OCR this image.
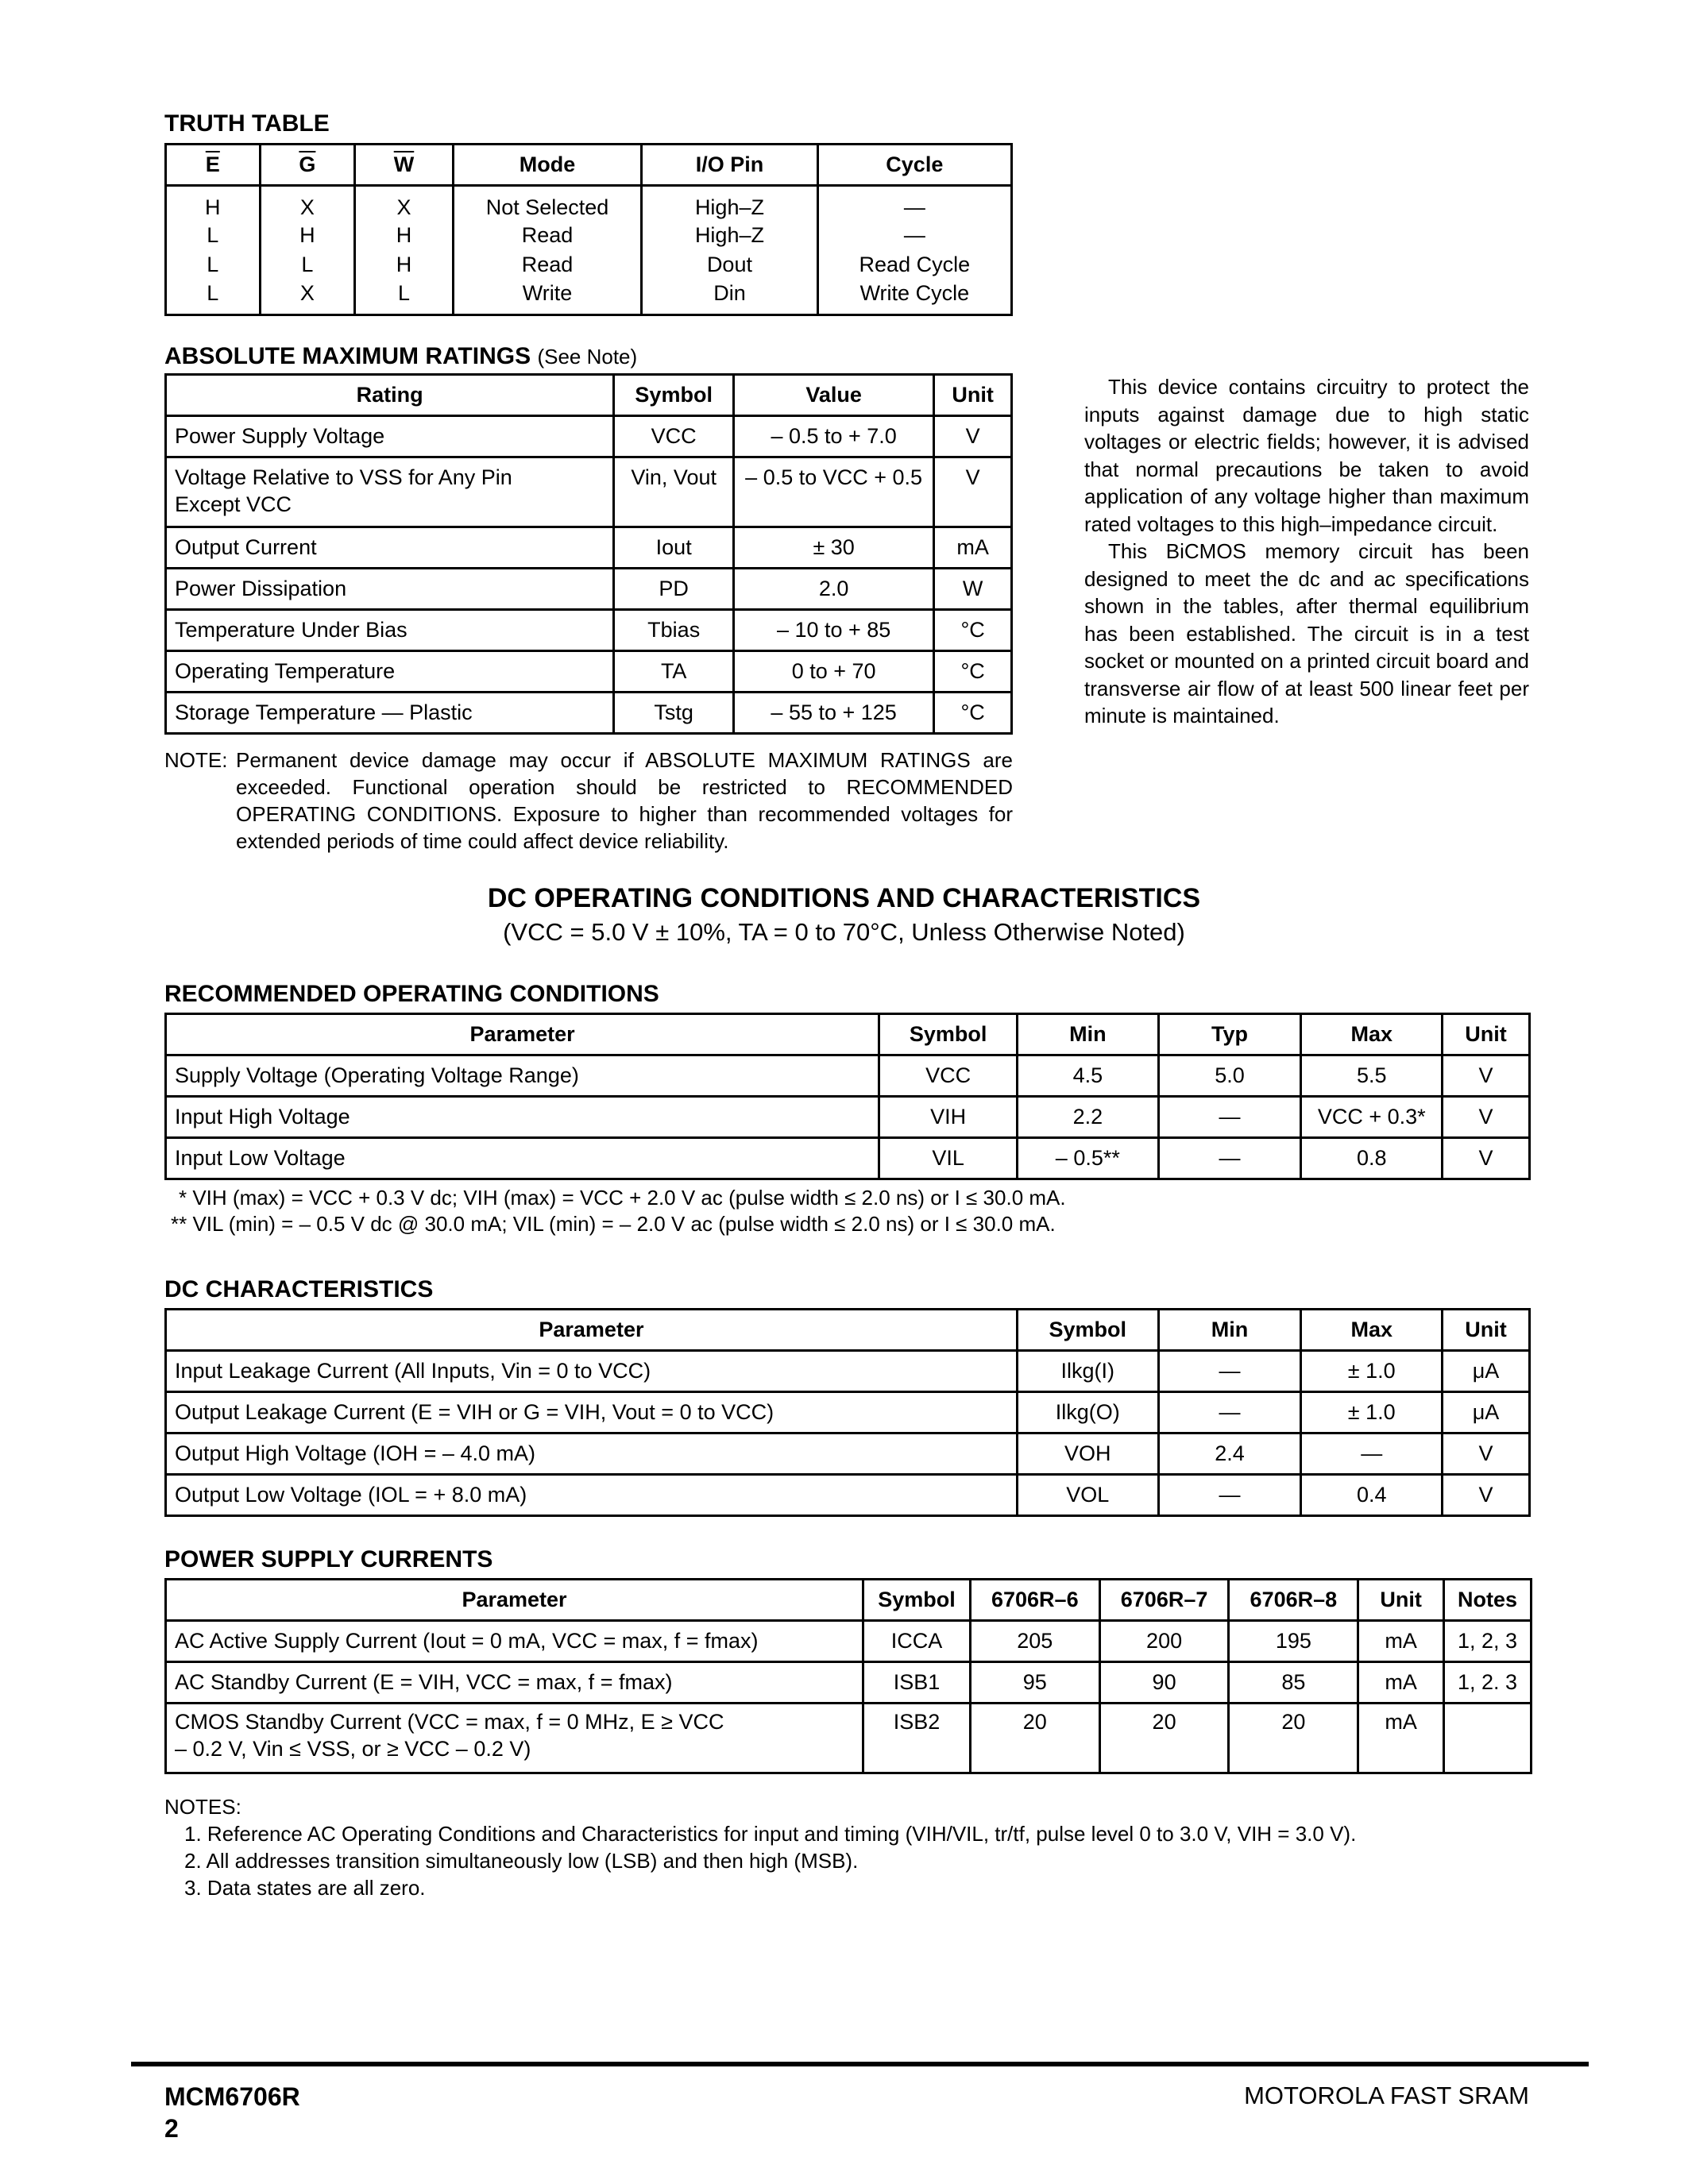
TRUTH TABLE
$\overline{E}$	$\overline{G}$	$\overline{W}$	Mode	I/O Pin	Cycle
H	X	X	Not Selected	High–Z	—
L	H	H	Read	High–Z	—
L	L	H	Read	Dout	Read Cycle
L	X	L	Write	Din	Write Cycle
ABSOLUTE MAXIMUM RATINGS (See Note)
Rating	Symbol	Value	Unit
Power Supply Voltage	VCC	– 0.5 to + 7.0	V
Voltage Relative to VSS for Any Pin Except VCC	Vin, Vout	– 0.5 to VCC + 0.5	V
Output Current	Iout	± 30	mA
Power Dissipation	PD	2.0	W
Temperature Under Bias	Tbias	– 10 to + 85	°C
Operating Temperature	TA	0 to + 70	°C
Storage Temperature — Plastic	Tstg	– 55 to + 125	°C
NOTE: Permanent device damage may occur if ABSOLUTE MAXIMUM RATINGS are exceeded. Functional operation should be restricted to RECOMMENDED OPERATING CONDITIONS. Exposure to higher than recommended voltages for extended periods of time could affect device reliability.

This device contains circuitry to protect the inputs against damage due to high static voltages or electric fields; however, it is advised that normal precautions be taken to avoid application of any voltage higher than maximum rated voltages to this high–impedance circuit.

This BiCMOS memory circuit has been designed to meet the dc and ac specifications shown in the tables, after thermal equilibrium has been established. The circuit is in a test socket or mounted on a printed circuit board and transverse air flow of at least 500 linear feet per minute is maintained.

DC OPERATING CONDITIONS AND CHARACTERISTICS
(VCC = 5.0 V ± 10%, TA = 0 to 70°C, Unless Otherwise Noted)
RECOMMENDED OPERATING CONDITIONS
Parameter	Symbol	Min	Typ	Max	Unit
Supply Voltage (Operating Voltage Range)	VCC	4.5	5.0	5.5	V
Input High Voltage	VIH	2.2	—	VCC + 0.3*	V
Input Low Voltage	VIL	– 0.5**	—	0.8	V
* VIH (max) = VCC + 0.3 V dc; VIH (max) = VCC + 2.0 V ac (pulse width ≤ 2.0 ns) or I ≤ 30.0 mA.
** VIL (min) = – 0.5 V dc @ 30.0 mA; VIL (min) = – 2.0 V ac (pulse width ≤ 2.0 ns) or I ≤ 30.0 mA.
DC CHARACTERISTICS
Parameter	Symbol	Min	Max	Unit
Input Leakage Current (All Inputs, Vin = 0 to VCC)	Ilkg(I)	—	± 1.0	μA
Output Leakage Current (E = VIH or G = VIH, Vout = 0 to VCC)	Ilkg(O)	—	± 1.0	μA
Output High Voltage (IOH = – 4.0 mA)	VOH	2.4	—	V
Output Low Voltage (IOL = + 8.0 mA)	VOL	—	0.4	V
POWER SUPPLY CURRENTS
Parameter	Symbol	6706R–6	6706R–7	6706R–8	Unit	Notes
AC Active Supply Current (Iout = 0 mA, VCC = max, f = fmax)	ICCA	205	200	195	mA	1, 2, 3
AC Standby Current (E = VIH, VCC = max, f = fmax)	ISB1	95	90	85	mA	1, 2. 3
CMOS Standby Current (VCC = max, f = 0 MHz, E ≥ VCC – 0.2 V, Vin ≤ VSS, or ≥ VCC – 0.2 V)	ISB2	20	20	20	mA	
NOTES:
1. Reference AC Operating Conditions and Characteristics for input and timing (VIH/VIL, tr/tf, pulse level 0 to 3.0 V, VIH = 3.0 V).
2. All addresses transition simultaneously low (LSB) and then high (MSB).
3. Data states are all zero.
MCM6706R
2
MOTOROLA FAST SRAM
